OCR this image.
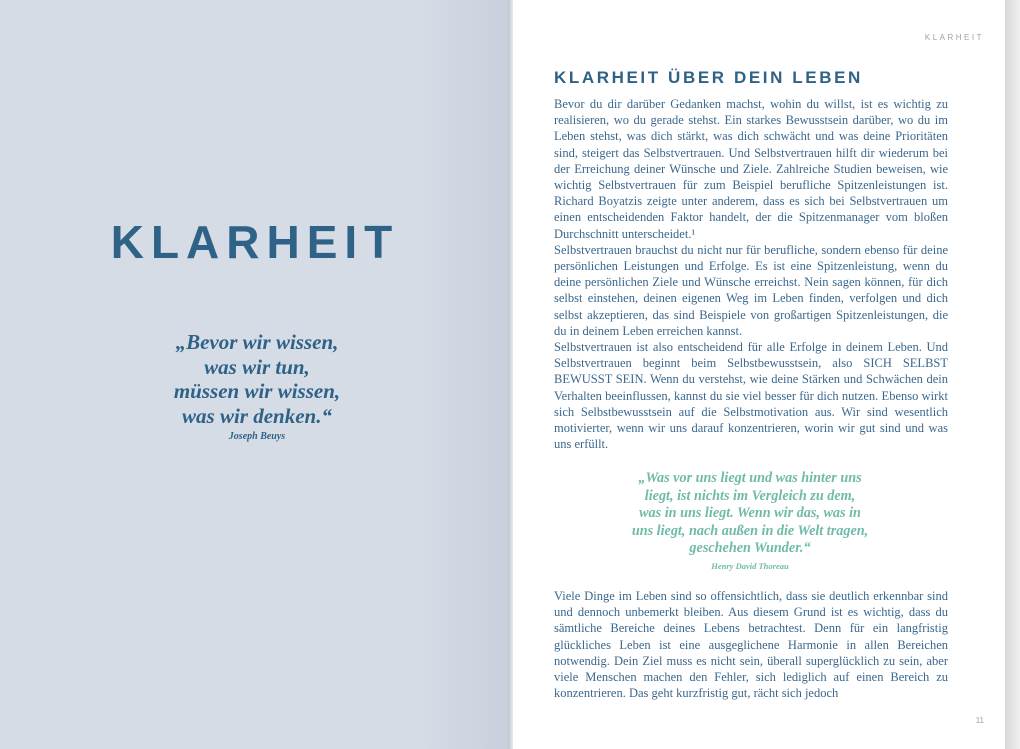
KLARHEIT
„Bevor wir wissen,
was wir tun,
müssen wir wissen,
was wir denken.“
Joseph Beuys
KLARHEIT
KLARHEIT ÜBER DEIN LEBEN

Bevor du dir darüber Gedanken machst, wohin du willst, ist es wichtig zu realisieren, wo du gerade stehst. Ein starkes Bewusstsein darüber, wo du im Leben stehst, was dich stärkt, was dich schwächt und was deine Prioritäten sind, steigert das Selbstvertrauen. Und Selbstvertrauen hilft dir wiederum bei der Erreichung deiner Wünsche und Ziele. Zahlreiche Studien beweisen, wie wichtig Selbstvertrauen für zum Beispiel berufliche Spitzenleistungen ist. Richard Boyatzis zeigte unter anderem, dass es sich bei Selbstvertrauen um einen entscheidenden Faktor handelt, der die Spitzenmanager vom bloßen Durchschnitt unterscheidet.¹

Selbstvertrauen brauchst du nicht nur für berufliche, sondern ebenso für deine persönlichen Leistungen und Erfolge. Es ist eine Spitzenleistung, wenn du deine persönlichen Ziele und Wünsche erreichst. Nein sagen können, für dich selbst einstehen, deinen eigenen Weg im Leben finden, verfolgen und dich selbst akzeptieren, das sind Beispiele von großartigen Spitzenleistungen, die du in deinem Leben erreichen kannst.

Selbstvertrauen ist also entscheidend für alle Erfolge in deinem Leben. Und Selbstvertrauen beginnt beim Selbstbewusstsein, also SICH SELBST BEWUSST SEIN. Wenn du verstehst, wie deine Stärken und Schwächen dein Verhalten beeinflussen, kannst du sie viel besser für dich nutzen. Ebenso wirkt sich Selbstbewusstsein auf die Selbstmotivation aus. Wir sind wesentlich motivierter, wenn wir uns darauf konzentrieren, worin wir gut sind und was uns erfüllt.

„Was vor uns liegt und was hinter uns
liegt, ist nichts im Vergleich zu dem,
was in uns liegt. Wenn wir das, was in
uns liegt, nach außen in die Welt tragen,
geschehen Wunder.“
Henry David Thoreau

Viele Dinge im Leben sind so offensichtlich, dass sie deutlich erkennbar sind und dennoch unbemerkt bleiben. Aus diesem Grund ist es wichtig, dass du sämtliche Bereiche deines Lebens betrachtest. Denn für ein langfristig glückliches Leben ist eine ausgeglichene Harmonie in allen Bereichen notwendig. Dein Ziel muss es nicht sein, überall superglücklich zu sein, aber viele Menschen machen den Fehler, sich lediglich auf einen Bereich zu konzentrieren. Das geht kurzfristig gut, rächt sich jedoch

11
